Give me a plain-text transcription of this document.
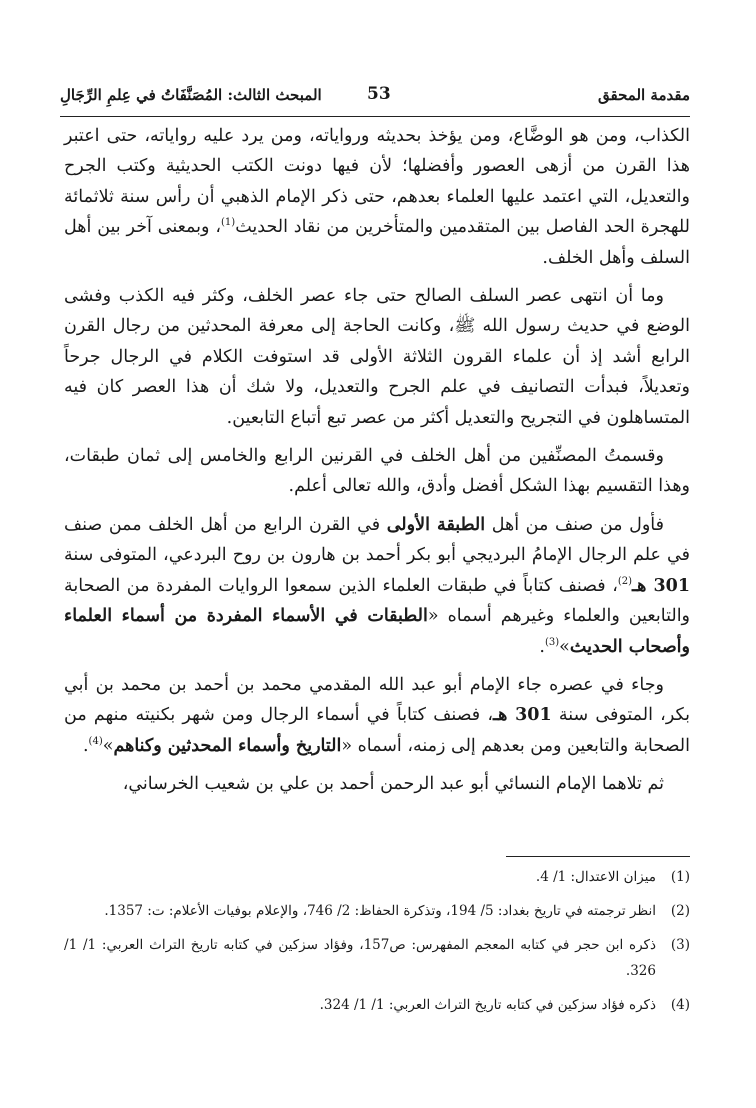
مقدمة المحقق
53
المبحث الثالث: المُصَنَّفَاتُ في عِلمِ الرِّجَالِ

الكذاب، ومن هو الوضَّاع، ومن يؤخذ بحديثه ورواياته، ومن يرد عليه رواياته، حتى اعتبر هذا القرن من أزهى العصور وأفضلها؛ لأن فيها دونت الكتب الحديثية وكتب الجرح والتعديل، التي اعتمد عليها العلماء بعدهم، حتى ذكر الإمام الذهبي أن رأس سنة ثلاثمائة للهجرة الحد الفاصل بين المتقدمين والمتأخرين من نقاد الحديث$^{(1)}$، وبمعنى آخر بين أهل السلف وأهل الخلف.

وما أن انتهى عصر السلف الصالح حتى جاء عصر الخلف، وكثر فيه الكذب وفشى الوضع في حديث رسول الله ﷺ، وكانت الحاجة إلى معرفة المحدثين من رجال القرن الرابع أشد إذ أن علماء القرون الثلاثة الأولى قد استوفت الكلام في الرجال جرحاً وتعديلاً، فبدأت التصانيف في علم الجرح والتعديل، ولا شك أن هذا العصر كان فيه المتساهلون في التجريح والتعديل أكثر من عصر تبع أتباع التابعين.

وقسمتُ المصنِّفين من أهل الخلف في القرنين الرابع والخامس إلى ثمان طبقات، وهذا التقسيم بهذا الشكل أفضل وأدق، والله تعالى أعلم.

فأول من صنف من أهل الطبقة الأولى في القرن الرابع من أهل الخلف ممن صنف في علم الرجال الإمامُ البرديجي أبو بكر أحمد بن هارون بن روح البردعي، المتوفى سنة 301 هـ$^{(2)}$، فصنف كتاباً في طبقات العلماء الذين سمعوا الروايات المفردة من الصحابة والتابعين والعلماء وغيرهم أسماه «الطبقات في الأسماء المفردة من أسماء العلماء وأصحاب الحديث»$^{(3)}$.

وجاء في عصره جاء الإمام أبو عبد الله المقدمي محمد بن أحمد بن محمد بن أبي بكر، المتوفى سنة 301 هـ، فصنف كتاباً في أسماء الرجال ومن شهر بكنيته منهم من الصحابة والتابعين ومن بعدهم إلى زمنه، أسماه «التاريخ وأسماء المحدثين وكناهم»$^{(4)}$.

ثم تلاهما الإمام النسائي أبو عبد الرحمن أحمد بن علي بن شعيب الخرساني،

(1)
ميزان الاعتدال: 1/ 4.
(2)
انظر ترجمته في تاريخ بغداد: 5/ 194، وتذكرة الحفاظ: 2/ 746، والإعلام بوفيات الأعلام: ت: 1357.
(3)
ذكره ابن حجر في كتابه المعجم المفهرس: ص157، وفؤاد سزكين في كتابه تاريخ التراث العربي: 1/ 1/ 326.
(4)
ذكره فؤاد سزكين في كتابه تاريخ التراث العربي: 1/ 1/ 324.
